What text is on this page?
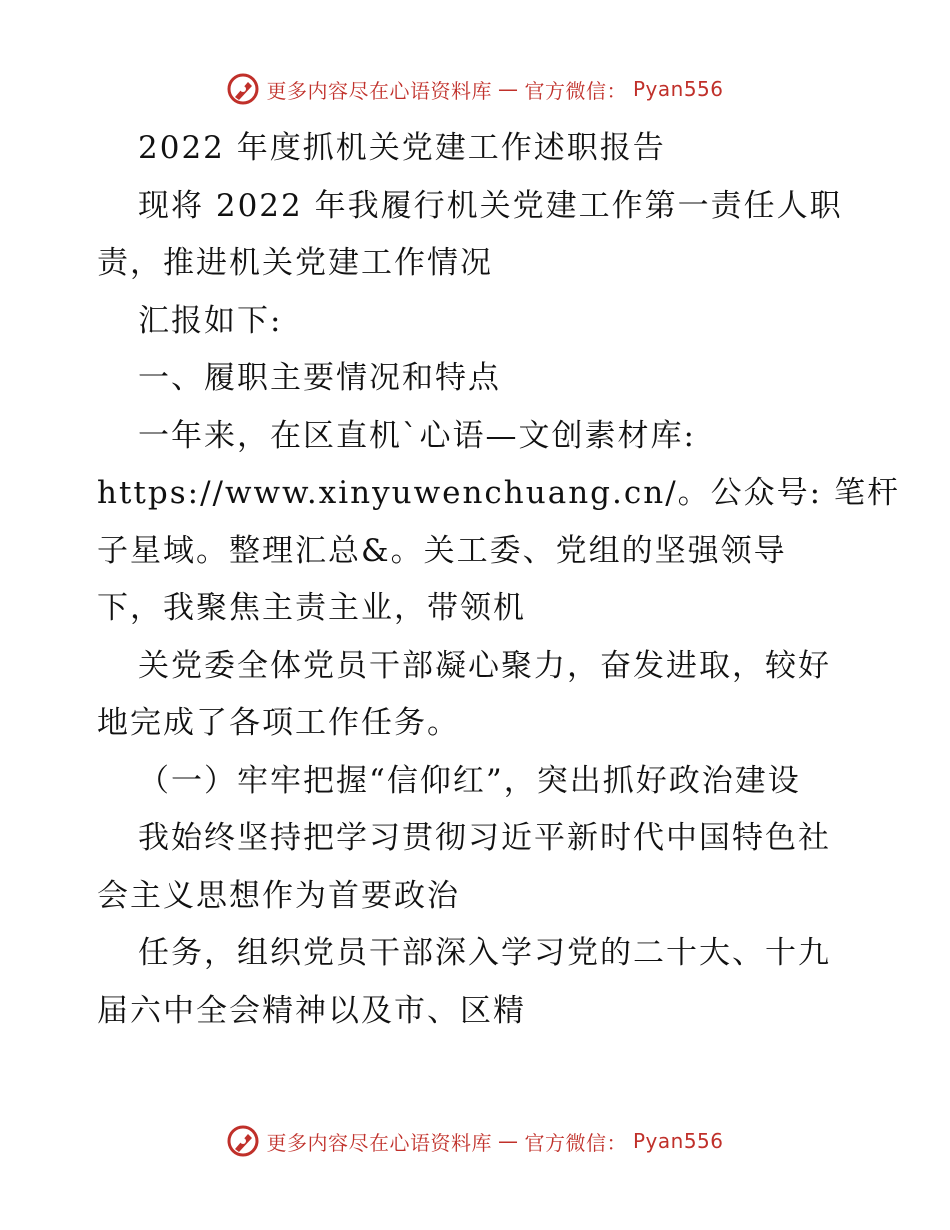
更多内容尽在心语资料库 — 官方微信： Pyan556
2022 年度抓机关党建工作述职报告
现将 2022 年我履行机关党建工作第一责任人职
责，推进机关党建工作情况
汇报如下:
一、履职主要情况和特点
一年来，在区直机`心语—文创素材库:
https://www.xinyuwenchuang.cn/。公众号: 笔杆
子星域。整理汇总&。关工委、党组的坚强领导
下，我聚焦主责主业，带领机
关党委全体党员干部凝心聚力，奋发进取，较好
地完成了各项工作任务。
（一）牢牢把握“信仰红”，突出抓好政治建设
我始终坚持把学习贯彻习近平新时代中国特色社
会主义思想作为首要政治
任务，组织党员干部深入学习党的二十大、十九
届六中全会精神以及市、区精
更多内容尽在心语资料库 — 官方微信： Pyan556
